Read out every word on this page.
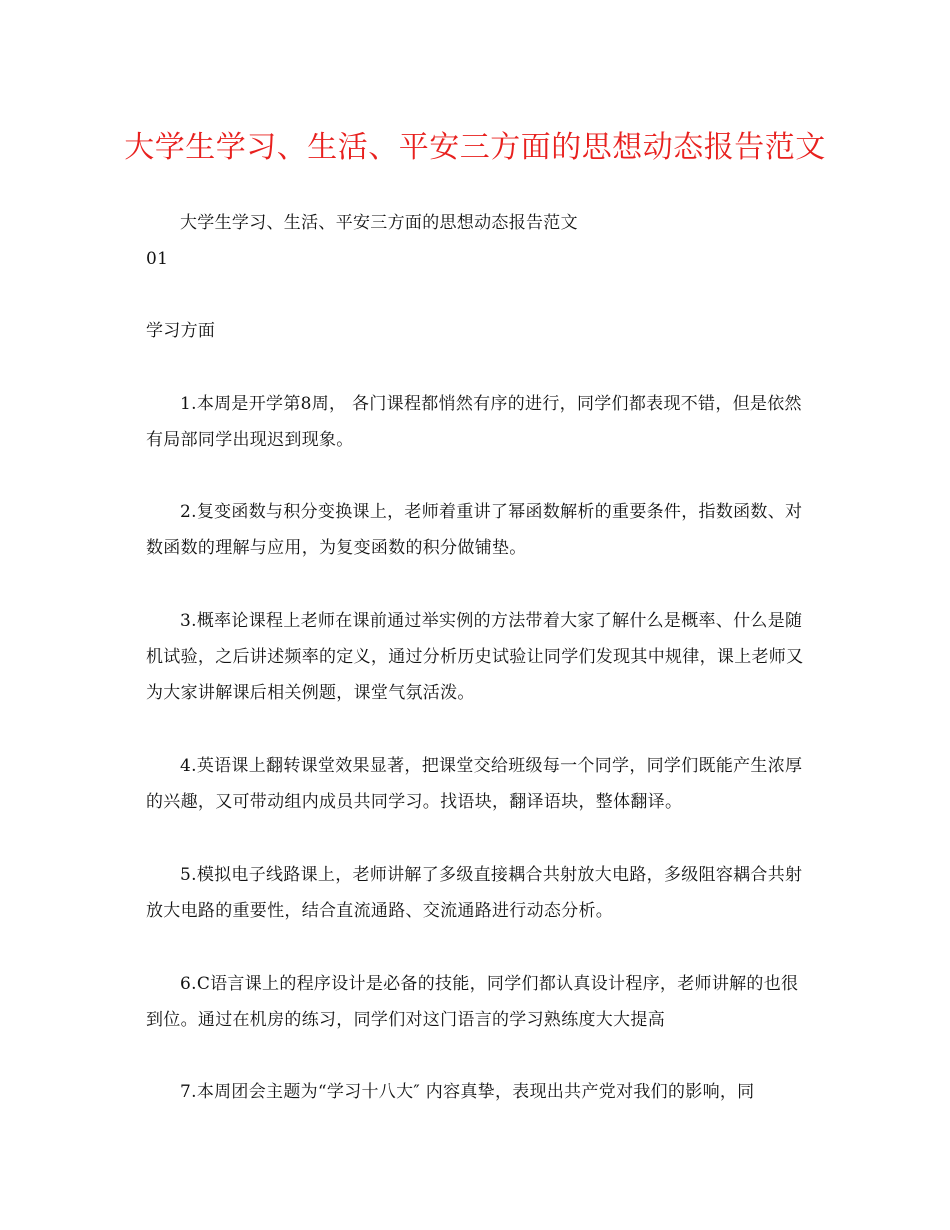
大学生学习、生活、平安三方面的思想动态报告范文

大学生学习、生活、平安三方面的思想动态报告范文

01

学习方面

1.本周是开学第8周， 各门课程都悄然有序的进行，同学们都表现不错，但是依然有局部同学出现迟到现象。

2.复变函数与积分变换课上，老师着重讲了幂函数解析的重要条件，指数函数、对数函数的理解与应用，为复变函数的积分做铺垫。

3.概率论课程上老师在课前通过举实例的方法带着大家了解什么是概率、什么是随机试验，之后讲述频率的定义，通过分析历史试验让同学们发现其中规律，课上老师又为大家讲解课后相关例题，课堂气氛活泼。

4.英语课上翻转课堂效果显著，把课堂交给班级每一个同学，同学们既能产生浓厚的兴趣，又可带动组内成员共同学习。找语块，翻译语块，整体翻译。

5.模拟电子线路课上，老师讲解了多级直接耦合共射放大电路，多级阻容耦合共射放大电路的重要性，结合直流通路、交流通路进行动态分析。

6.C语言课上的程序设计是必备的技能，同学们都认真设计程序，老师讲解的也很到位。通过在机房的练习，同学们对这门语言的学习熟练度大大提高

7.本周团会主题为“学习十八大″ 内容真挚，表现出共产党对我们的影响，同
